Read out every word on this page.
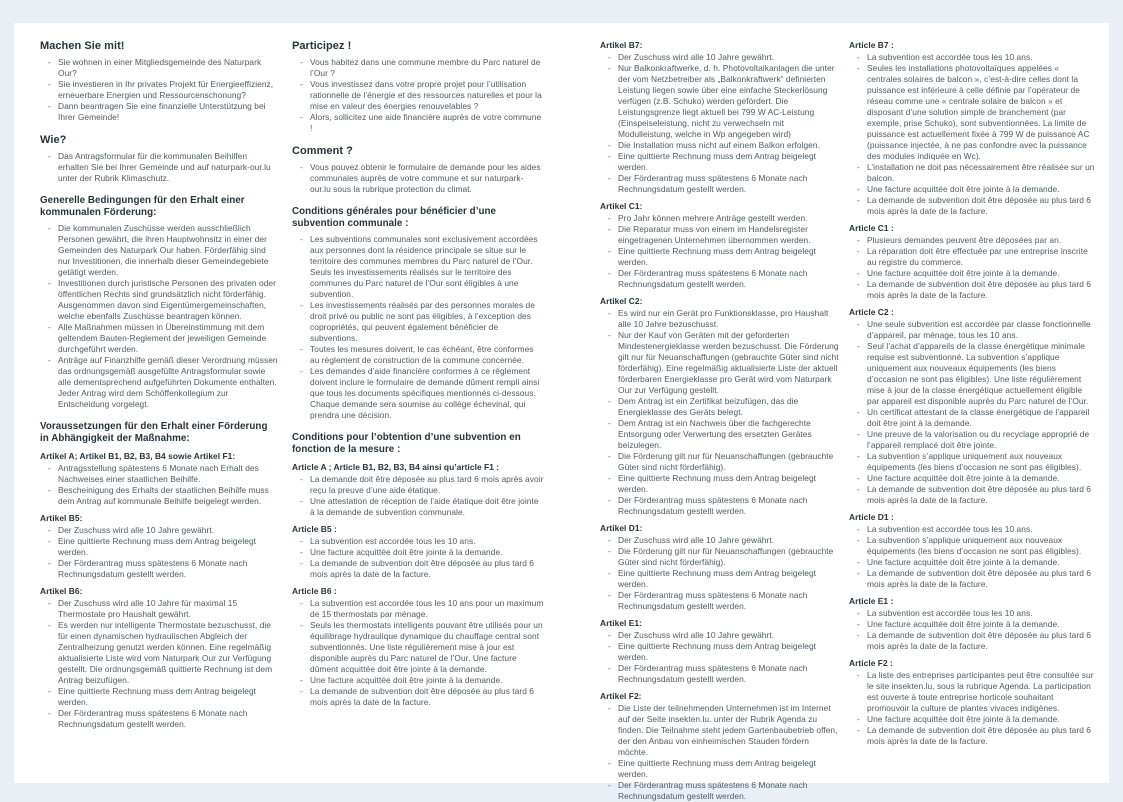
Machen Sie mit!
- Sie wohnen in einer Mitgliedsgemeinde des Naturpark Our?
- Sie investieren in Ihr privates Projekt für Energieeffizienz, erneuerbare Energien und Ressourcenschonung?
- Dann beantragen Sie eine finanzielle Unterstützung bei Ihrer Gemeinde!
Wie?
- Das Antragsformular für die kommunalen Beihilfen erhalten Sie bei Ihrer Gemeinde und auf naturpark-our.lu unter der Rubrik Klimaschutz.
Generelle Bedingungen für den Erhalt einer kommunalen Förderung:
- Die kommunalen Zuschüsse werden ausschließlich Personen gewährt, die ihren Hauptwohnsitz in einer der Gemeinden des Naturpark Our haben. Förderfähig sind nur Investitionen, die innerhalb dieser Gemeindegebiete getätigt werden.
- Investitionen durch juristische Personen des privaten oder öffentlichen Rechts sind grundsätzlich nicht förderfähig. Ausgenommen davon sind Eigentümergemeinschaften, welche ebenfalls Zuschüsse beantragen können.
- Alle Maßnahmen müssen in Übereinstimmung mit dem geltendem Bauten-Reglement der jeweiligen Gemeinde durchgeführt werden.
- Anträge auf Finanzhilfe gemäß dieser Verordnung müssen das ordnungsgemäß ausgefüllte Antragsformular sowie alle dementsprechend aufgeführten Dokumente enthalten. Jeder Antrag wird dem Schöffenkollegium zur Entscheidung vorgelegt.
Voraussetzungen für den Erhalt einer Förderung in Abhängigkeit der Maßnahme:
Artikel A; Artikel B1, B2, B3, B4 sowie Artikel F1:
- Antragsstellung spätestens 6 Monate nach Erhalt des Nachweises einer staatlichen Beihilfe.
- Bescheinigung des Erhalts der staatlichen Beihilfe muss dem Antrag auf kommunale Beihilfe beigelegt werden.
Artikel B5:
- Der Zuschuss wird alle 10 Jahre gewährt.
- Eine quittierte Rechnung muss dem Antrag beigelegt werden.
- Der Förderantrag muss spätestens 6 Monate nach Rechnungsdatum gestellt werden.
Artikel B6:
- Der Zuschuss wird alle 10 Jahre für maximal 15 Thermostate pro Haushalt gewährt.
- Es werden nur intelligente Thermostate bezuschusst, die für einen dynamischen hydraulischen Abgleich der Zentralheizung genutzt werden können. Eine regelmäßig aktualisierte Liste wird vom Naturpark Our zur Verfügung gestellt. Die ordnungsgemäß quittierte Rechnung ist dem Antrag beizufügen.
- Eine quittierte Rechnung muss dem Antrag beigelegt werden.
- Der Förderantrag muss spätestens 6 Monate nach Rechnungsdatum gestellt werden.
Participez !
- Vous habitez dans une commune membre du Parc naturel de l’Our ?
- Vous investissez dans votre propre projet pour l’utilisation rationnelle de l’énergie et des ressources naturelles et pour la mise en valeur des énergies renouvelables ?
- Alors, sollicitez une aide financière auprès de votre commune !
Comment ?
- Vous pouvez obtenir le formulaire de demande pour les aides communales auprès de votre commune et sur naturpark-our.lu sous la rubrique protection du climat.
Conditions générales pour bénéficier d’une subvention communale :
- Les subventions communales sont exclusivement accordées aux personnes dont la résidence principale se situe sur le territoire des communes membres du Parc naturel de l’Our. Seuls les investissements réalisés sur le territoire des communes du Parc naturel de l’Our sont éligibles à une subvention.
- Les investissements réalisés par des personnes morales de droit privé ou public ne sont pas éligibles, à l’exception des copropriétés, qui peuvent également bénéficier de subventions.
- Toutes les mesures doivent, le cas échéant, être conformes au règlement de construction de la commune concernée.
- Les demandes d’aide financière conformes à ce règlement doivent inclure le formulaire de demande dûment rempli ainsi que tous les documents spécifiques mentionnés ci-dessous. Chaque demande sera soumise au collège échevinal, qui prendra une décision.
Conditions pour l’obtention d’une subvention en fonction de la mesure :
Article A ; Article B1, B2, B3, B4 ainsi qu’article F1 :
- La demande doit être déposée au plus tard 6 mois après avoir reçu la preuve d’une aide étatique.
- Une attestation de réception de l’aide étatique doit être jointe à la demande de subvention communale.
Article B5 :
- La subvention est accordée tous les 10 ans.
- Une facture acquittée doit être jointe à la demande.
- La demande de subvention doit être déposée au plus tard 6 mois après la date de la facture.
Article B6 :
- La subvention est accordée tous les 10 ans pour un maximum de 15 thermostats par ménage.
- Seuls les thermostats intelligents pouvant être utilisés pour un équilibrage hydraulique dynamique du chauffage central sont subventionnés. Une liste régulièrement mise à jour est disponible auprès du Parc naturel de l’Our. Une facture dûment acquittée doit être jointe à la demande.
- Une facture acquittée doit être jointe à la demande.
- La demande de subvention doit être déposée au plus tard 6 mois après la date de la facture.
Artikel B7:
- Der Zuschuss wird alle 10 Jahre gewährt.
- Nur Balkonkraftwerke, d. h. Photovoltaikanlagen die unter der vom Netzbetreiber als „Balkonkraftwerk“ definierten Leistung liegen sowie über eine einfache Steckerlösung verfügen (z.B. Schuko) werden gefördert. Die Leistungsgrenze liegt aktuell bei 799 W AC-Leistung (Einspeiseleistung, nicht zu verwechseln mit Modulleistung, welche in Wp angegeben wird)
- Die Installation muss nicht auf einem Balkon erfolgen.
- Eine quittierte Rechnung muss dem Antrag beigelegt werden.
- Der Förderantrag muss spätestens 6 Monate nach Rechnungsdatum gestellt werden.
Artikel C1:
- Pro Jahr können mehrere Anträge gestellt werden.
- Die Reparatur muss von einem im Handelsregister eingetragenen Unternehmen übernommen werden.
- Eine quittierte Rechnung muss dem Antrag beigelegt werden.
- Der Förderantrag muss spätestens 6 Monate nach Rechnungsdatum gestellt werden.
Artikel C2:
- Es wird nur ein Gerät pro Funktionsklasse, pro Haushalt alle 10 Jahre bezuschusst.
- Nur der Kauf von Geräten mit der geforderten Mindestenergieklasse werden bezuschusst. Die Förderung gilt nur für Neuanschaffungen (gebrauchte Güter sind nicht förderfähig). Eine regelmäßig aktualisierte Liste der aktuell förderbaren Energieklasse pro Gerät wird vom Naturpark Our zur Verfügung gestellt.
- Dem Antrag ist ein Zertifikat beizufügen, das die Energieklasse des Geräts belegt.
- Dem Antrag ist ein Nachweis über die fachgerechte Entsorgung oder Verwertung des ersetzten Gerätes beizulegen.
- Die Förderung gilt nur für Neuanschaffungen (gebrauchte Güter sind nicht förderfähig).
- Eine quittierte Rechnung muss dem Antrag beigelegt werden.
- Der Förderantrag muss spätestens 6 Monate nach Rechnungsdatum gestellt werden.
Artikel D1:
- Der Zuschuss wird alle 10 Jahre gewährt.
- Die Förderung gilt nur für Neuanschaffungen (gebrauchte Güter sind nicht förderfähig).
- Eine quittierte Rechnung muss dem Antrag beigelegt werden.
- Der Förderantrag muss spätestens 6 Monate nach Rechnungsdatum gestellt werden.
Artikel E1:
- Der Zuschuss wird alle 10 Jahre gewährt.
- Eine quittierte Rechnung muss dem Antrag beigelegt werden.
- Der Förderantrag muss spätestens 6 Monate nach Rechnungsdatum gestellt werden.
Artikel F2:
- Die Liste der teilnehmenden Unternehmen ist im Internet auf der Seite insekten.lu. unter der Rubrik Agenda zu finden. Die Teilnahme steht jedem Gartenbaubetrieb offen, der den Anbau von einheimischen Stauden fördern möchte.
- Eine quittierte Rechnung muss dem Antrag beigelegt werden.
- Der Förderantrag muss spätestens 6 Monate nach Rechnungsdatum gestellt werden.
Article B7 :
- La subvention est accordée tous les 10 ans.
- Seules les installations photovoltaïques appelées « centrales solaires de balcon », c’est-à-dire celles dont la puissance est inférieure à celle définie par l’opérateur de réseau comme une « centrale solaire de balcon » et disposant d’une solution simple de branchement (par exemple, prise Schuko), sont subventionnées. La limite de puissance est actuellement fixée à 799 W de puissance AC (puissance injectée, à ne pas confondre avec la puissance des modules indiquée en Wc).
- L’installation ne doit pas nécessairement être réalisée sur un balcon.
- Une facture acquittée doit être jointe à la demande.
- La demande de subvention doit être déposée au plus tard 6 mois après la date de la facture.
Article C1 :
- Plusieurs demandes peuvent être déposées par an.
- La réparation doit être effectuée par une entreprise inscrite au registre du commerce.
- Une facture acquittée doit être jointe à la demande.
- La demande de subvention doit être déposée au plus tard 6 mois après la date de la facture.
Article C2 :
- Une seule subvention est accordée par classe fonctionnelle d’appareil, par ménage, tous les 10 ans.
- Seul l’achat d’appareils de la classe énergétique minimale requise est subventionné. La subvention s’applique uniquement aux nouveaux équipements (les biens d’occasion ne sont pas éligibles). Une liste régulièrement mise à jour de la classe énergétique actuellement éligible par appareil est disponible auprès du Parc naturel de l’Our.
- Un certificat attestant de la classe énergétique de l’appareil doit être joint à la demande.
- Une preuve de la valorisation ou du recyclage approprié de l’appareil remplacé doit être jointe.
- La subvention s’applique uniquement aux nouveaux équipements (les biens d’occasion ne sont pas éligibles).
- Une facture acquittée doit être jointe à la demande.
- La demande de subvention doit être déposée au plus tard 6 mois après la date de la facture.
Article D1 :
- La subvention est accordée tous les 10 ans.
- La subvention s’applique uniquement aux nouveaux équipements (les biens d’occasion ne sont pas éligibles).
- Une facture acquittée doit être jointe à la demande.
- La demande de subvention doit être déposée au plus tard 6 mois après la date de la facture.
Article E1 :
- La subvention est accordée tous les 10 ans.
- Une facture acquittée doit être jointe à la demande.
- La demande de subvention doit être déposée au plus tard 6 mois après la date de la facture.
Article F2 :
- La liste des entreprises participantes peut être consultée sur le site insekten.lu, sous la rubrique Agenda. La participation est ouverte à toute entreprise horticole souhaitant promouvoir la culture de plantes vivaces indigènes.
- Une facture acquittée doit être jointe à la demande.
- La demande de subvention doit être déposée au plus tard 6 mois après la date de la facture.
